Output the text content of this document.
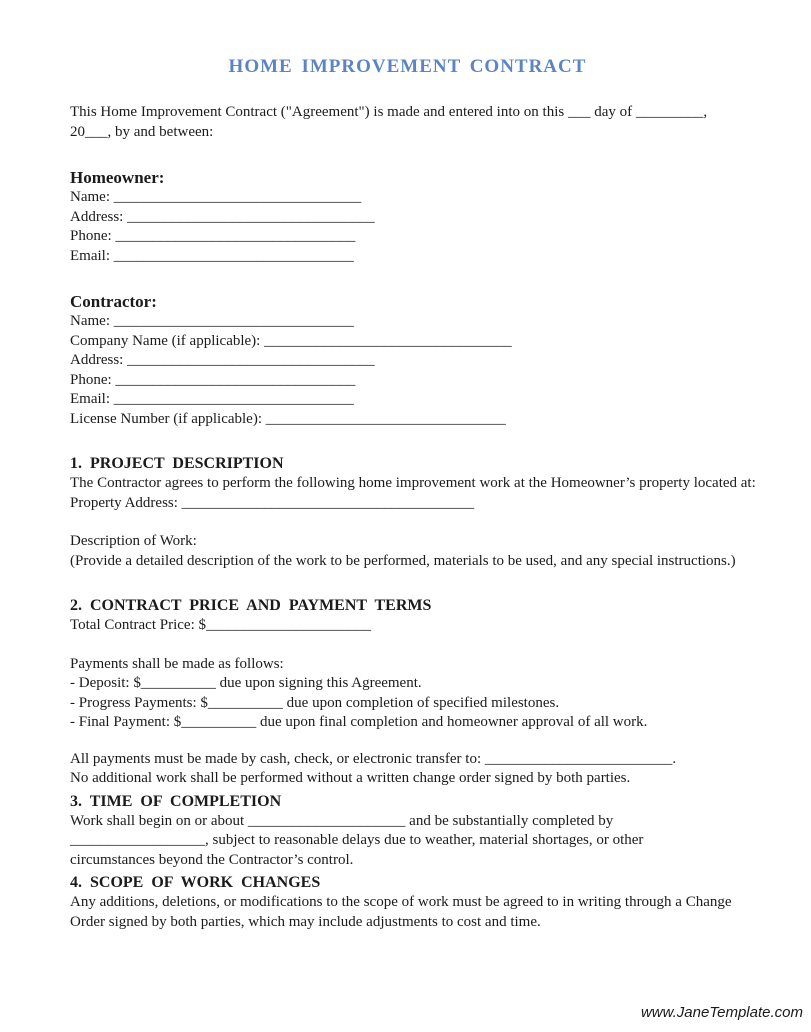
HOME IMPROVEMENT CONTRACT
This Home Improvement Contract ("Agreement") is made and entered into on this ___ day of _________,
20___, by and between:
Homeowner:
Name: _________________________________
Address: _________________________________
Phone: ________________________________
Email: ________________________________
Contractor:
Name: ________________________________
Company Name (if applicable): _________________________________
Address: _________________________________
Phone: ________________________________
Email: ________________________________
License Number (if applicable): ________________________________
1. PROJECT DESCRIPTION
The Contractor agrees to perform the following home improvement work at the Homeowner’s property located at:
Property Address: _______________________________________
Description of Work:
(Provide a detailed description of the work to be performed, materials to be used, and any special instructions.)
2. CONTRACT PRICE AND PAYMENT TERMS
Total Contract Price: $______________________
Payments shall be made as follows:
- Deposit: $__________ due upon signing this Agreement.
- Progress Payments: $__________ due upon completion of specified milestones.
- Final Payment: $__________ due upon final completion and homeowner approval of all work.
All payments must be made by cash, check, or electronic transfer to: _________________________.
No additional work shall be performed without a written change order signed by both parties.
3. TIME OF COMPLETION
Work shall begin on or about _____________________ and be substantially completed by
__________________, subject to reasonable delays due to weather, material shortages, or other
circumstances beyond the Contractor’s control.
4. SCOPE OF WORK CHANGES
Any additions, deletions, or modifications to the scope of work must be agreed to in writing through a Change
Order signed by both parties, which may include adjustments to cost and time.
www.JaneTemplate.com
